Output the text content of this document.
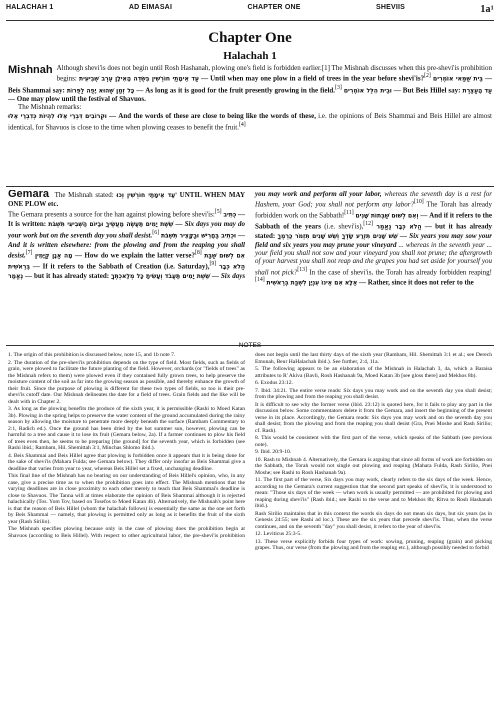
HALACHAH 1	AD EIMASAI	CHAPTER ONE	SHEVIIS	1a¹
Chapter One
Halachah 1
Mishnah Although shevi'is does not begin until Rosh Hashanah, plowing one's field is forbidden earlier.[1] The Mishnah discusses when this pre-shevi'is prohibition begins: עַד אֵימָתַי חוֹרְשִׁין בִּשְׂדֵה הָאִילָן עֶרֶב שְׁבִיעִית — Until when may one plow in a field of trees in the year before shevi'is?[2] בֵּית שַׁמַּאי אוֹמְרִים — Beis Shammai say: כָּל זְמַן שֶׁהוּא יָפֶה לַפֵּרוֹת — As long as it is good for the fruit presently growing in the field.[3] וּבֵית הִלֵּל אוֹמְרִים — But Beis Hillel say: עַד הָעֲצֶרֶת — One may plow until the festival of Shavuos.
The Mishnah remarks:
וּקְרוֹבִים דִּבְרֵי אֵלּוּ לִהְיוֹת כְּדִבְרֵי אֵלּוּ — And the words of these are close to being like the words of these, i.e. the opinions of Beis Shammai and Beis Hillel are almost identical, for Shavuos is close to the time when plowing ceases to benefit the fruit.[4]
Gemara The Mishnah stated: עַד אֵימָתַי חוֹרְשִׁין וְכוּ' UNTIL WHEN MAY ONE PLOW etc.
The Gemara presents a source for the han against plowing before shevi'is:[5] כְּתִיב — It is written: שֵׁשֶׁת יָמִים תַּעֲשֶׂה מַעֲשֶׂיךָ וּבַיּוֹם הַשְּׁבִיעִי תִּשְׁבֹּת — Six days you may do your work but on the seventh day you shall desist.[6] וּכְתִיב בֶּחָרִישׁ וּבַקָּצִיר תִּשְׁבֹּת — And it is written elsewhere: from the plowing and from the reaping you shall desist.[7] מָה אֲנָן קַיָּמִין — How do we explain the latter verse?[8] אִם לְשׁוּם שַׁבַּת בְּרֵאשִׁית — If it refers to the Sabbath of Creation (i.e. Saturday),[9] הֲלֹא כְּבָר נֶאֱמַר — but it has already stated: שֵׁשֶׁת יָמִים תַּעֲבֹד וְעָשִׂיתָ כָּל מְלַאכְתֶּךָ — Six days you may work and perform all your labor, whereas the seventh day is a rest for Hashem, your God; you shall not perform any labor?[10] The Torah has already forbidden work on the Sabbath![11] וְאִם לְשׁוּם שַׁבְּתוֹת שָׁנִים — And if it refers to the Sabbath of the years (i.e. shevi'is),[12] הֲלֹא כְּבָר נֶאֱמַר — but it has already stated: שֵׁשׁ שָׁנִים תִּזְרַע שָׂדֶךָ וְשֵׁשׁ שָׁנִים תִּזְמֹר כַּרְמֶךָ — Six years you may sow your field and six years you may prune your vineyard ... whereas in the seventh year ... your field you shall not sow and your vineyard you shall not prune; the aftergrowth of your harvest you shall not reap and the grapes you had set aside for yourself you shall not pick?[13] In the case of shevi'is, the Torah has already forbidden reaping![14] אֶלָּא אִם אֵינוֹ עִנְיָן לִשְׁבַּת בְּרֵאשִׁית — Rather, since it does not refer to the
NOTES

1. The origin of this prohibition is discussed below, note 15, and 1b note 7.

2. The duration of the pre-shevi'is prohibition depends on the type of field. Most fields, such as fields of grain, were plowed to facilitate the future planting of the field. However, orchards (or "fields of trees" as the Mishnah refers to them) were plowed even if they contained fully grown trees, to help preserve the moisture content of the soil as far into the growing season as possible, and thereby enhance the growth of their fruit. Since the purpose of plowing is different for these two types of fields, so too is their pre-shevi'is cutoff date. Our Mishnah delineates the date for a field of trees. Grain fields and the like will be dealt with in Chapter 2.

3. As long as the plowing benefits the produce of the sixth year, it is permissible (Rashi to Moed Katan 3b). Plowing in the spring helps to preserve the water content of the ground accumulated during the rainy season by allowing the moisture to penetrate more deeply beneath the surface (Rambam Commentary to 2:1, Radich ed.). Once the ground has been dried by the hot summer sun, however, plowing can be harmful to a tree and cause it to lose its fruit (Gemara below, 2a). If a farmer continues to plow his field of trees even then, he seems to be preparing [the ground] for the seventh year, which is forbidden (see Rashi ibid.; Rambam, Hil. Shemittah 3:1, Minchas Shlomo ibid.).

4. Beis Shammai and Beis Hillel agree that plowing is forbidden once it appears that it is being done for the sake of shevi'is (Mahara Fulda; see Gemara below). They differ only insofar as Beis Shammai give a deadline that varies from year to year, whereas Beis Hillel set a fixed, unchanging deadline.

This final line of the Mishnah has no bearing on our understanding of Beis Hillel's opinion, who, in any case, give a precise time as to when the prohibition goes into effect. The Mishnah mentions that the varying deadlines are in close proximity to each other merely to teach that Beis Shammai's deadline is close to Shavuos. The Tanna will at times elaborate the opinion of Beis Shammai although it is rejected halachically (Tos. Yom Tov, based on Tosefos to Moed Katan 4b). Alternatively, the Mishnah's point here is that the reason of Beis Hillel (whom the halachah follows) is essentially the same as the one set forth by Beis Shammai — namely, that plowing is permitted only as long as it benefits the fruit of the sixth year (Rash Sirilio).

The Mishnah specifies plowing because only in the case of plowing does the prohibition begin at Shavuos (according to Beis Hillel). With respect to other agricultural labor, the pre-shevi'is prohibition does not begin until the last thirty days of the sixth year (Rambam, Hil. Shemittah 3:1 et al.; see Derech Emunah, Beur HaHalachah ibid.). See further, 2:4, 11a.

5. The following appears to be an elaboration of the Mishnah in Halachah 3, 4a, which a Baraisa attributes to R' Akiva (Bavli, Rosh Hashanah 9a, Moed Katan 3b [see gloss there] and Mekhos 8b).

6. Exodus 23:12.

7. Ibid. 34:21. The entire verse reads: Six days you may work and on the seventh day you shall desist; from the plowing and from the reaping you shall desist.

It is difficult to see why the former verse (ibid. 23:12) is quoted here, for it fails to play any part in the discussion below. Some commentators delete it from the Gemara, and insert the beginning of the present verse in its place. Accordingly, the Gemara reads: Six days you may work and on the seventh day you shall desist; from the plowing and from the reaping you shall desist (Gra, Pnei Moshe and Rash Sirilio; cf. Rash).

8. This would be consistent with the first part of the verse, which speaks of the Sabbath (see previous note).

9. Ibid. 20:9-10.

10. Rash to Mishnah 4. Alternatively, the Gemara is arguing that since all forms of work are forbidden on the Sabbath, the Torah would not single out plowing and reaping (Mahara Fulda, Rash Sirilio, Pnei Moshe; see Rashi to Rosh Hashanah 9a).

11. The first part of the verse, Six days you may work, clearly refers to the six days of the week. Hence, according to the Gemara's current suggestion that the second part speaks of shevi'is, it is understood to mean: "Those six days of the week — when work is usually permitted — are prohibited for plowing and reaping during shevi'is" (Rash ibid.; see Rashi to the verse and to Mekhos 8b; Ritva to Rosh Hashanah ibid.).

Rash Sirilio maintains that in this context the words six days do not mean six days, but six years (as in Genesis 24:55; see Rashi ad loc.). These are the six years that precede shevi'is. Thus, when the verse continues, and on the seventh "day" you shall desist, it refers to the year of shevi'is.

12. Leviticus 25:3-5.

13. These verse explicitly forbids four types of work: sowing, pruning, reaping (grain) and picking grapes. Thus, our verse (from the plowing and from the reaping etc.), although possibly needed to forbid
